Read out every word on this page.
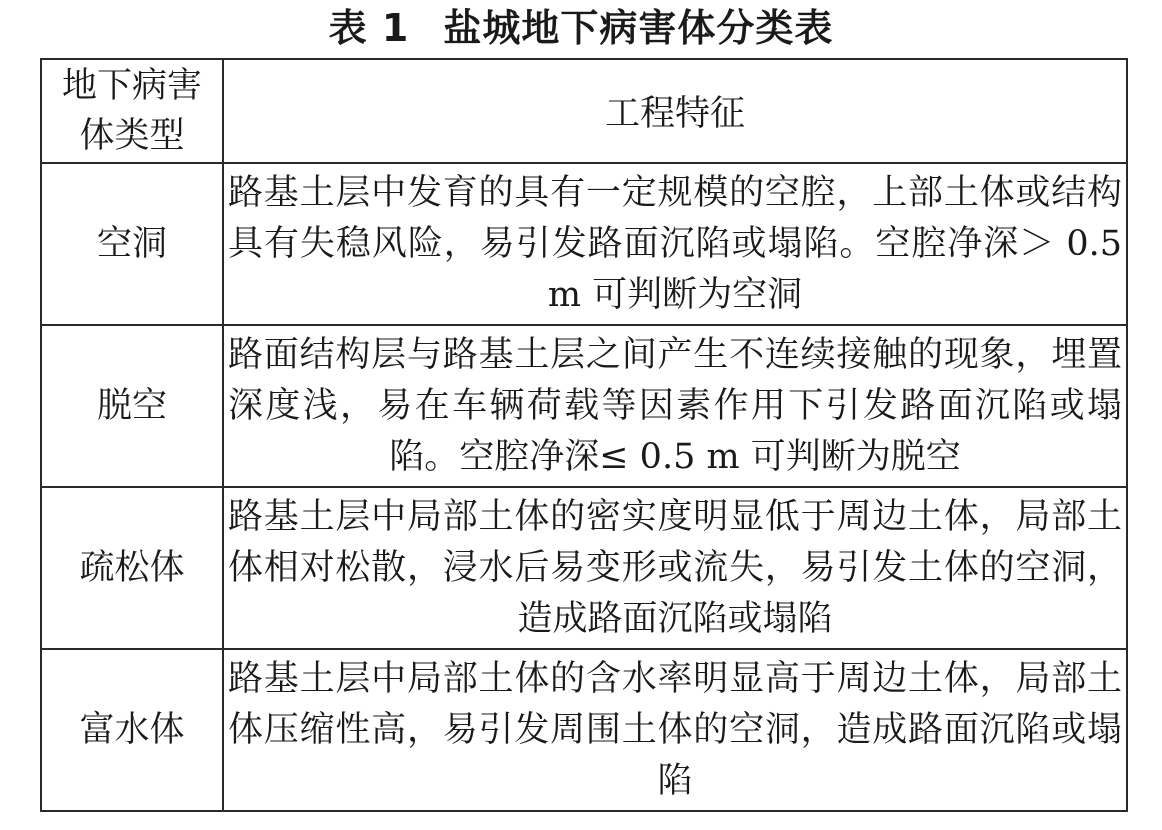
表 1 盐城地下病害体分类表
地下病害体类型	工程特征
空洞	路基土层中发育的具有一定规模的空腔，上部土体或结构具有失稳风险，易引发路面沉陷或塌陷。空腔净深＞ 0.5 m 可判断为空洞
脱空	路面结构层与路基土层之间产生不连续接触的现象，埋置深度浅，易在车辆荷载等因素作用下引发路面沉陷或塌陷。空腔净深≤ 0.5 m 可判断为脱空
疏松体	路基土层中局部土体的密实度明显低于周边土体，局部土体相对松散，浸水后易变形或流失，易引发土体的空洞，造成路面沉陷或塌陷
富水体	路基土层中局部土体的含水率明显高于周边土体，局部土体压缩性高，易引发周围土体的空洞，造成路面沉陷或塌陷
